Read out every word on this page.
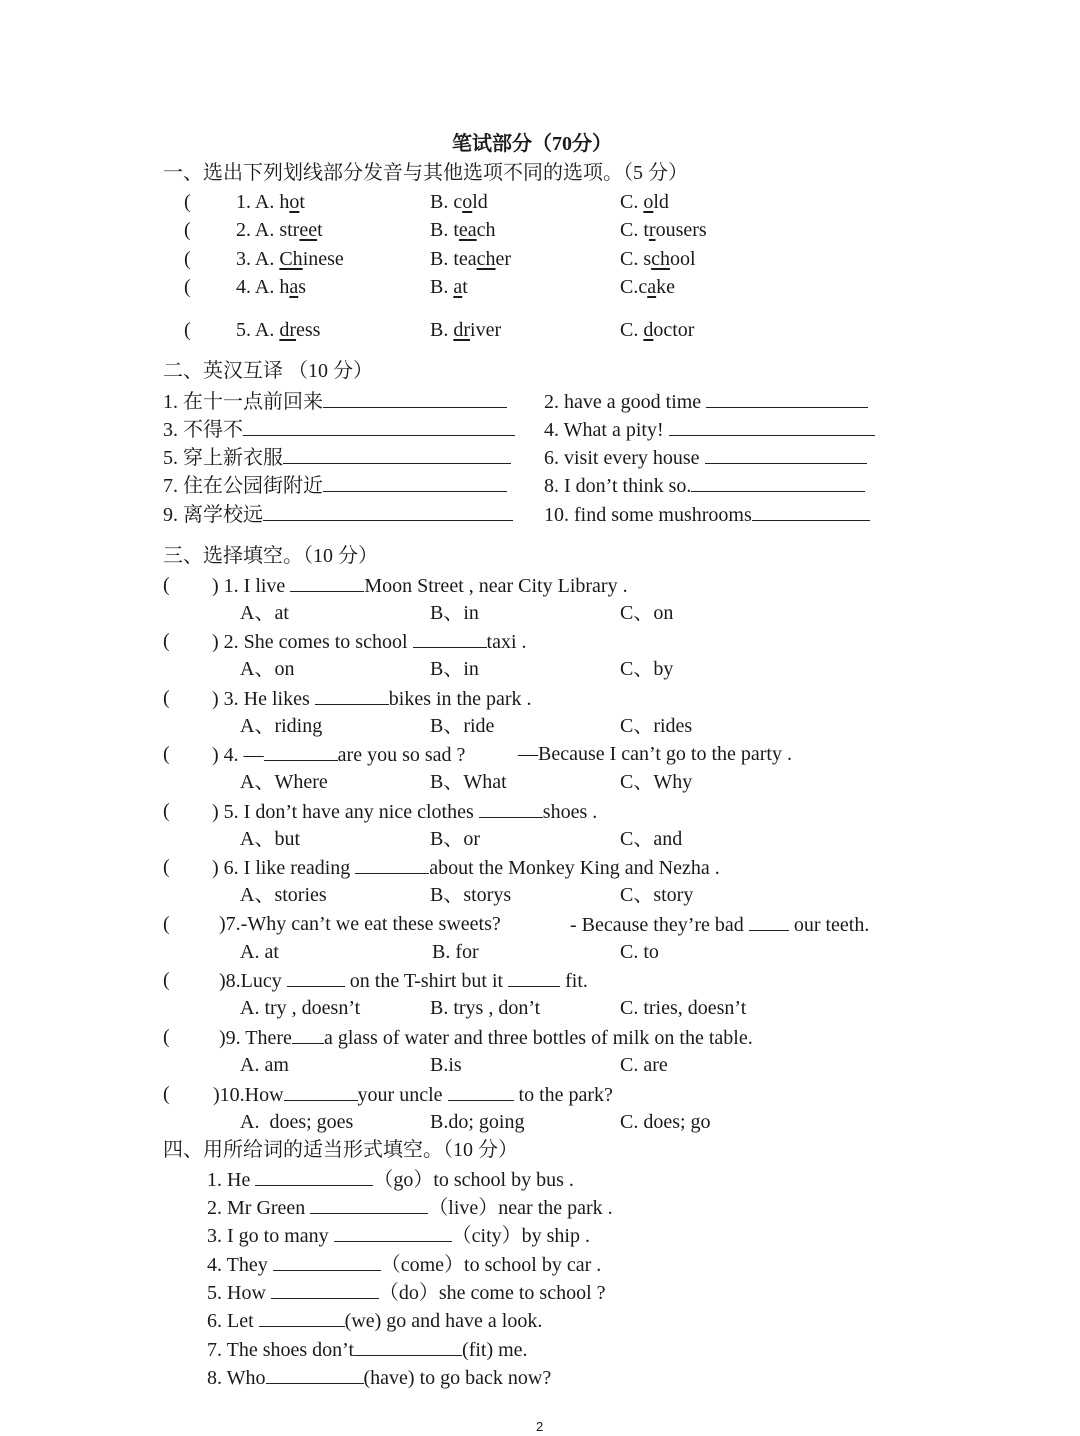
笔试部分（70分）
一、选出下列划线部分发音与其他选项不同的选项。（5 分）
( 1. A. hot	B. cold	C. old
( 2. A. street	B. teach	C. trousers
( 3. A. Chinese	B. teacher	C. school
( 4. A. has	B. at	C.cake
( 5. A. dress	B. driver	C. doctor
二、英汉互译 （10 分）
1. 在十一点前回来	2. have a good time
3. 不得不	4. What a pity!
5. 穿上新衣服	6. visit every house
7. 住在公园街附近	8. I don’t think so.
9. 离学校远	10. find some mushrooms
三、选择填空。（10 分）
( ) 1. I live	Moon Street , near City Library .
A、at	B、in	C、on
( ) 2. She comes to school	taxi .
A、on	B、in	C、by
( ) 3. He likes	bikes in the park .
A、riding	B、ride	C、rides
( ) 4. —	are you so sad ?	—Because I can’t go to the party .
A、Where	B、What	C、Why
( ) 5. I don’t have any nice clothes	shoes .
A、but	B、or	C、and
( ) 6. I like reading	about the Monkey King and Nezha .
A、stories	B、storys	C、story
( )7.-Why can’t we eat these sweets?	- Because they’re bad  our teeth.
A. at	B. for	C. to
( )8.Lucy	on the T-shirt but it	fit.
A. try , doesn’t	B. trys , don’t	C. tries, doesn’t
( )9. There a glass of water and three bottles of milk on the table.
A. am	B.is	C. are
( )10.How	your uncle	to the park?
A.  does; goes	B.do; going	C. does; go
四、用所给词的适当形式填空。（10 分）
1. He	（go）to school by bus .
2. Mr Green	（live）near the park .
3. I go to many	（city）by ship .
4. They	（come）to school by car .
5. How	（do）she come to school ?
6. Let	(we) go and have a look.
7. The shoes don’t	(fit) me.
8. Who	(have) to go back now?
2
